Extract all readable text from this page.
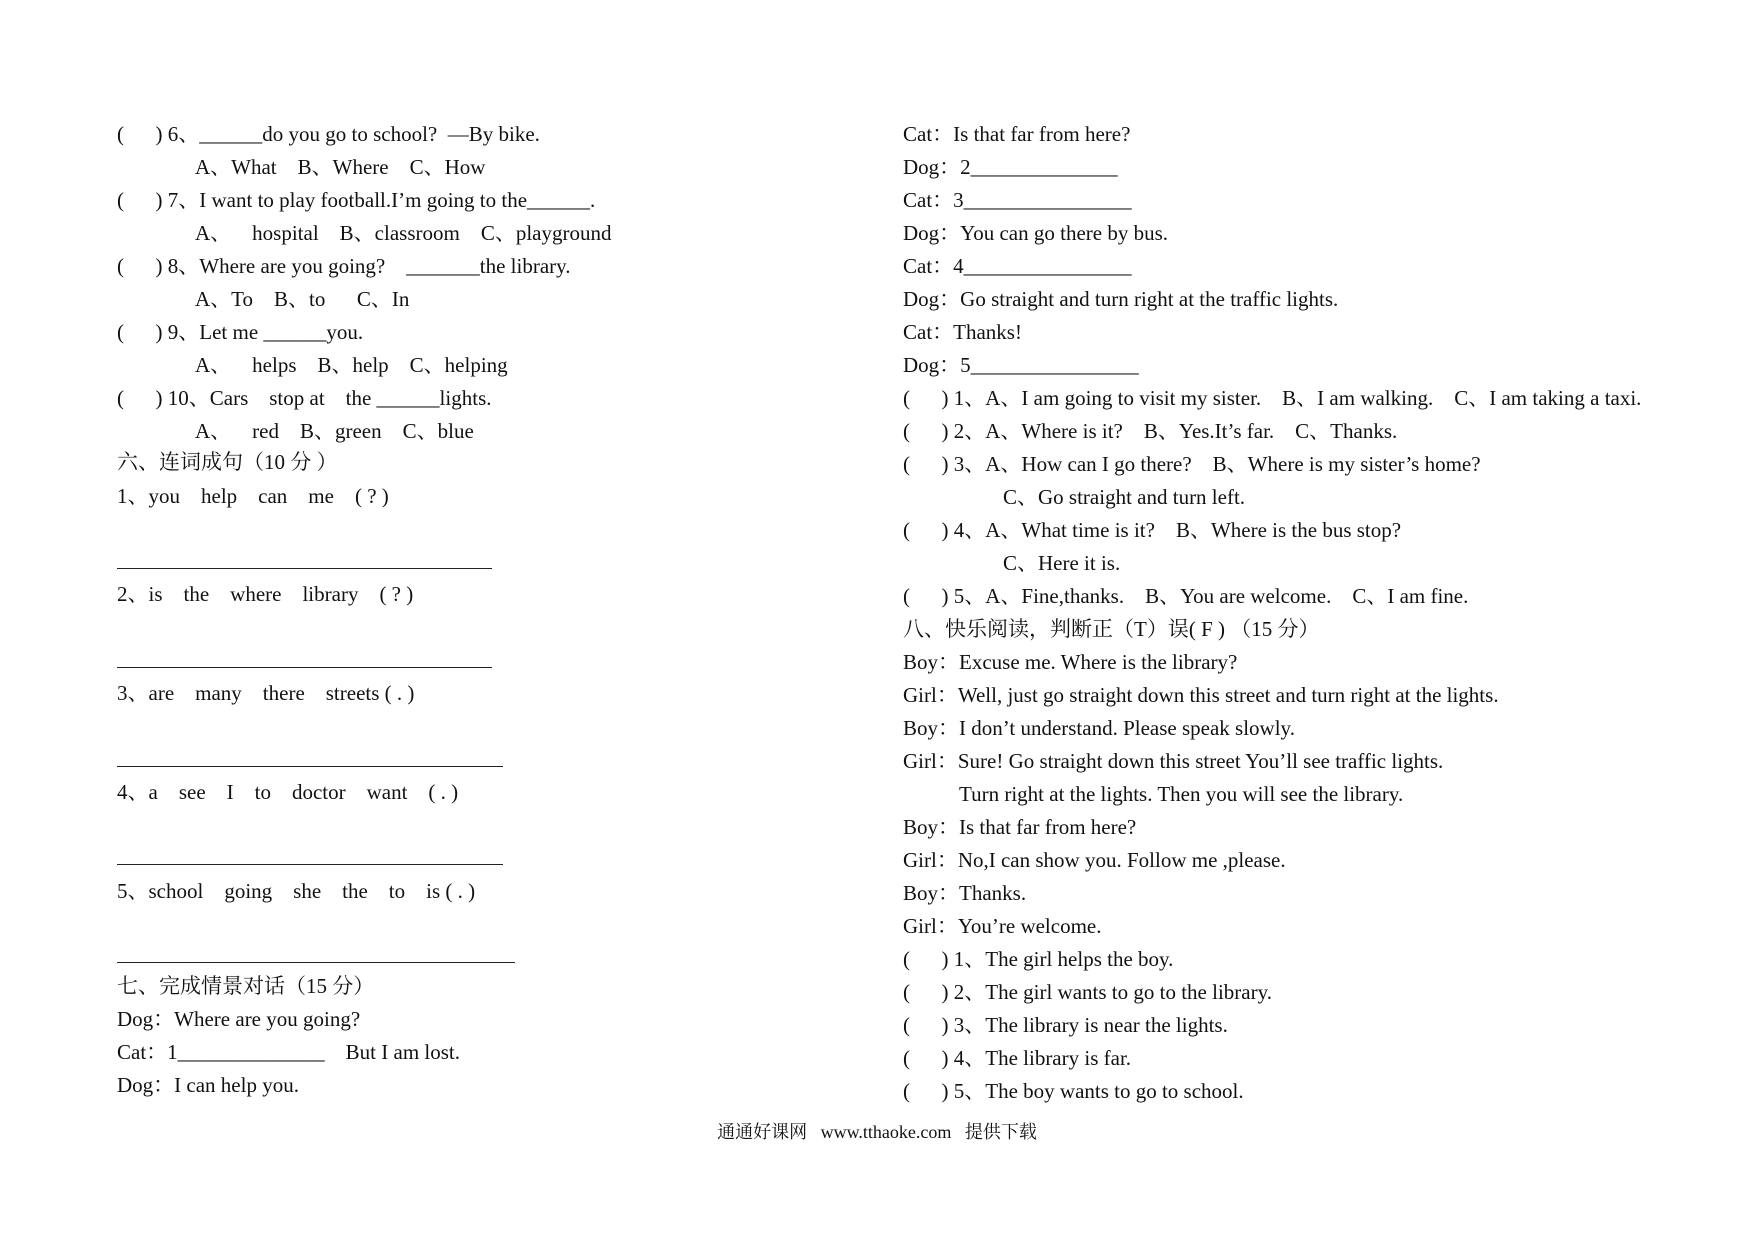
(      ) 6、______do you go to school?  —By bike.
A、What    B、Where    C、How
(      ) 7、I want to play football.I’m going to the______.
A、    hospital    B、classroom    C、playground
(      ) 8、Where are you going?    _______the library.
A、To    B、to      C、In
(      ) 9、Let me ______you.
A、    helps    B、help    C、helping
(      ) 10、Cars    stop at    the ______lights.
A、    red    B、green    C、blue
六、连词成句（10 分 ）
1、you    help    can    me    ( ? )
2、is    the    where    library    ( ? )
3、are    many    there    streets ( . )
4、a    see    I    to    doctor    want    ( . )
5、school    going    she    the    to    is ( . )
七、完成情景对话（15 分）
Dog：Where are you going?
Cat：1______________    But I am lost.
Dog：I can help you.
Cat：Is that far from here?
Dog：2______________
Cat：3________________
Dog：You can go there by bus.
Cat：4________________
Dog：Go straight and turn right at the traffic lights.
Cat：Thanks!
Dog：5________________
(      ) 1、A、I am going to visit my sister.    B、I am walking.    C、I am taking a taxi.
(      ) 2、A、Where is it?    B、Yes.It’s far.    C、Thanks.
(      ) 3、A、How can I go there?    B、Where is my sister’s home?
C、Go straight and turn left.
(      ) 4、A、What time is it?    B、Where is the bus stop?
C、Here it is.
(      ) 5、A、Fine,thanks.    B、You are welcome.    C、I am fine.
八、快乐阅读，判断正（T）误( F ) （15 分）
Boy：Excuse me. Where is the library?
Girl：Well, just go straight down this street and turn right at the lights.
Boy：I don’t understand. Please speak slowly.
Girl：Sure! Go straight down this street You’ll see traffic lights.
Turn right at the lights. Then you will see the library.
Boy：Is that far from here?
Girl：No,I can show you. Follow me ,please.
Boy：Thanks.
Girl：You’re welcome.
(      ) 1、The girl helps the boy.
(      ) 2、The girl wants to go to the library.
(      ) 3、The library is near the lights.
(      ) 4、The library is far.
(      ) 5、The boy wants to go to school.
通通好课网   www.tthaoke.com   提供下载
